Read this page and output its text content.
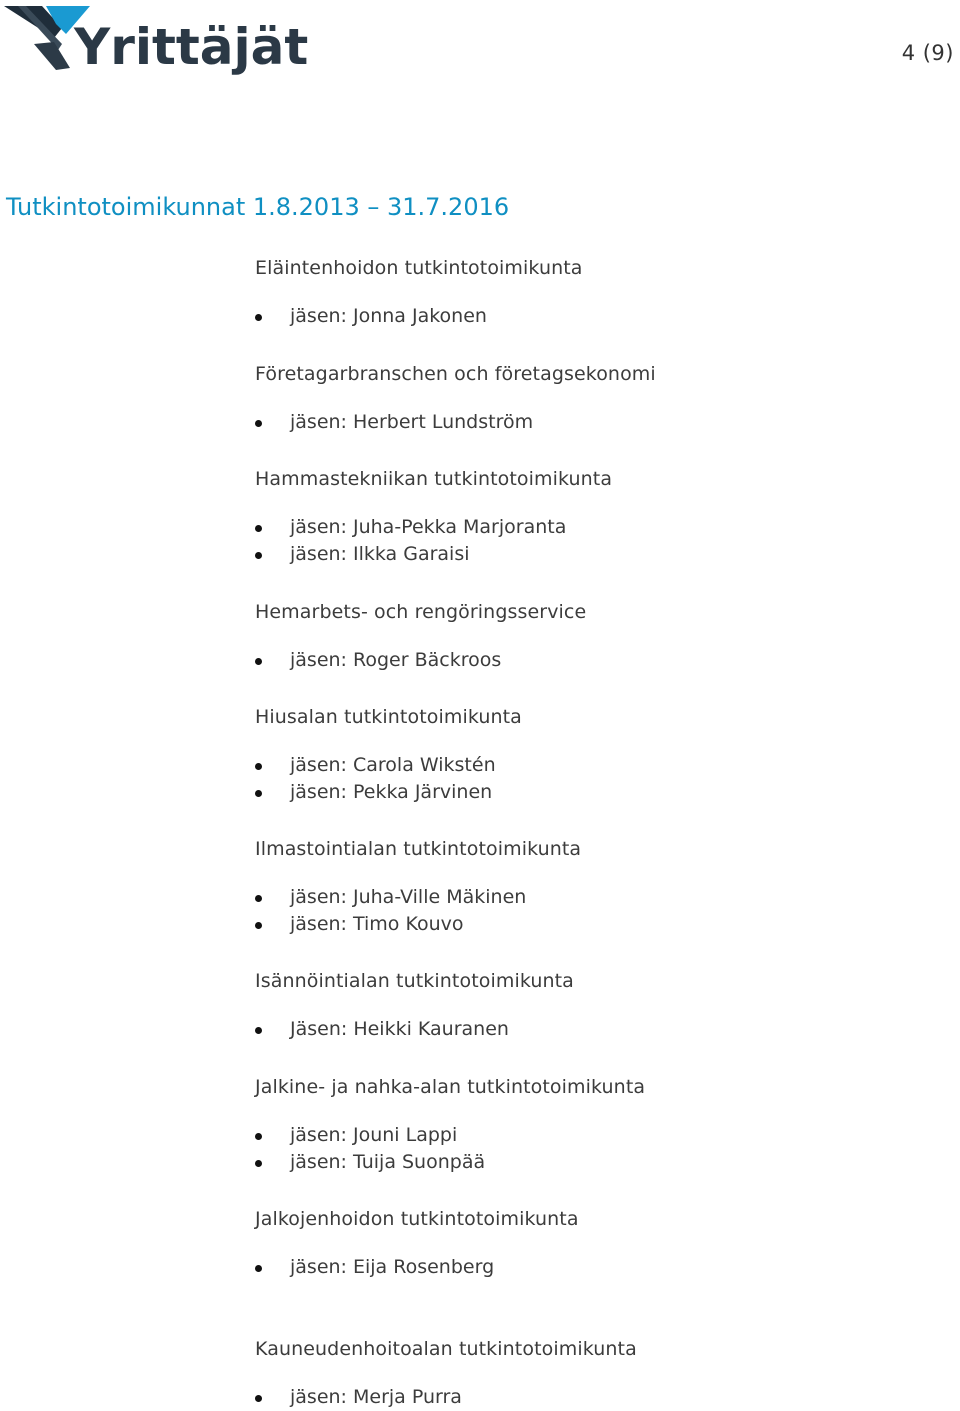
Yrittäjät	4 (9)
Tutkintotoimikunnat 1.8.2013 – 31.7.2016
Eläintenhoidon tutkintotoimikunta
jäsen: Jonna Jakonen
Företagarbranschen och företagsekonomi
jäsen: Herbert Lundström
Hammastekniikan tutkintotoimikunta
jäsen: Juha-Pekka Marjoranta
jäsen: Ilkka Garaisi
Hemarbets- och rengöringsservice
jäsen: Roger Bäckroos
Hiusalan tutkintotoimikunta
jäsen: Carola Wikstén
jäsen: Pekka Järvinen
Ilmastointialan tutkintotoimikunta
jäsen: Juha-Ville Mäkinen
jäsen: Timo Kouvo
Isännöintialan tutkintotoimikunta
Jäsen: Heikki Kauranen
Jalkine- ja nahka-alan tutkintotoimikunta
jäsen: Jouni Lappi
jäsen: Tuija Suonpää
Jalkojenhoidon tutkintotoimikunta
jäsen: Eija Rosenberg
Kauneudenhoitoalan tutkintotoimikunta
jäsen: Merja Purra
